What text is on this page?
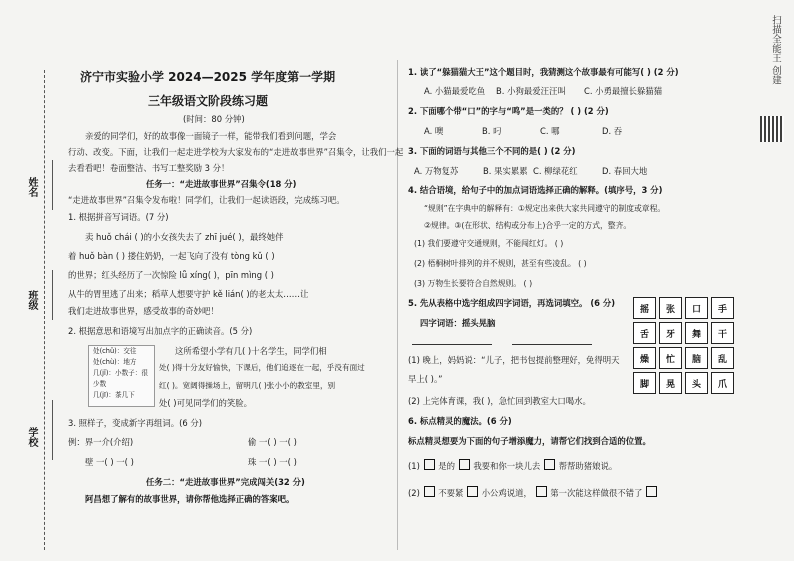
姓名
班级
学校
扫描全能王 创建
济宁市实验小学 2024—2025 学年度第一学期
三年级语文阶段练习题
(时间：80 分钟)
亲爱的同学们，好的故事像一面镜子一样，能带我们看到问题，学会
行动、改变。下面，让我们一起走进学校为大家发布的“走进故事世界”召集令，让我们一起
去看看吧！卷面整洁、书写工整奖励 3 分！
任务一：“走进故事世界”召集令(18 分)
“走进故事世界”召集令发布啦！同学们，让我们一起读语段，完成练习吧。
1. 根据拼音写词语。(7 分)
卖 huǒ chái ( )的小女孩失去了 zhī jué( )，最终她伴
着 huǒ bàn ( ) 搂住奶奶，一起飞向了没有 tòng kǔ ( )
的世界；红头经历了一次惊险 lǚ xíng( )，pīn mìng ( )
从牛的胃里逃了出来；稻草人想要守护 kě lián( )的老太太……让
我们走进故事世界，感受故事的奇妙吧！
2. 根据意思和语境写出加点字的正确读音。(5 分)
处(chǔ)：交往
处(chù)：地方
几(jǐ)：小数子：很少数
几(jī)：茶几下
这所希望小学有几( )十名学生，同学们相
处( )得十分友好愉快，下课后，他们追逐在一起，乎没有面过
红( )。宽阔得操场上，留明几( )张小小的教室里，别
处( )可见同学们的笑脸。
3. 照样子，变成新字再组词。(6 分)
例：界一介(介绍)	偷 一( ) 一( )
壁 一( ) 一( )	珠 一( ) 一( )
任务二：“走进故事世界”完成闯关(32 分)
阿昌想了解有的故事世界，请你帮他选择正确的答案吧。
1. 读了“躲猫猫大王”这个题目时，我猜测这个故事最有可能写( ) (2 分)
A. 小猫最爱吃鱼 B. 小狗最爱汪汪叫 C. 小勇最擅长躲猫猫
2. 下面哪个带“口”的字与“鸣”是一类的？ ( ) (2 分)
A. 噢	B. 叼	C. 哪	D. 吞
3. 下面的词语与其他三个不同的是( ) (2 分)
A. 万物复苏	B. 果实累累 C. 柳绿花红	D. 春回大地
4. 结合语境，给句子中的加点词语选择正确的解释。(填序号，3 分)
“规则”在字典中的解释有：①规定出来供大家共同遵守的制度或章程。
②规律。③(在形状、结构或分布上)合乎一定的方式，整齐。
(1) 我们要遵守交通规则，不能闯红灯。 ( )
(2) 梧桐树叶排列的并不规则，甚至有些凌乱。 ( )
(3) 万物生长要符合自然规则。 ( )
5. 先从表格中选字组成四字词语，再选词填空。 (6 分)
四字词语：摇头晃脑
摇	张	口	手
舌	牙	舞	干
燥	忙	脑	乱
脚	晃	头	爪
(1) 晚上，妈妈说：“儿子，把书包提前整理好，免得明天
早上( )。”
(2) 上完体育课，我( )，急忙回到教室大口喝水。
6. 标点精灵的魔法。(6 分)
标点精灵想要为下面的句子增添魔力，请帮它们找到合适的位置。
(1) 是的 我要和你一块儿去 帮帮助猪娘说。
(2) 不要紧 小公鸡说道， 第一次能这样做很不错了
